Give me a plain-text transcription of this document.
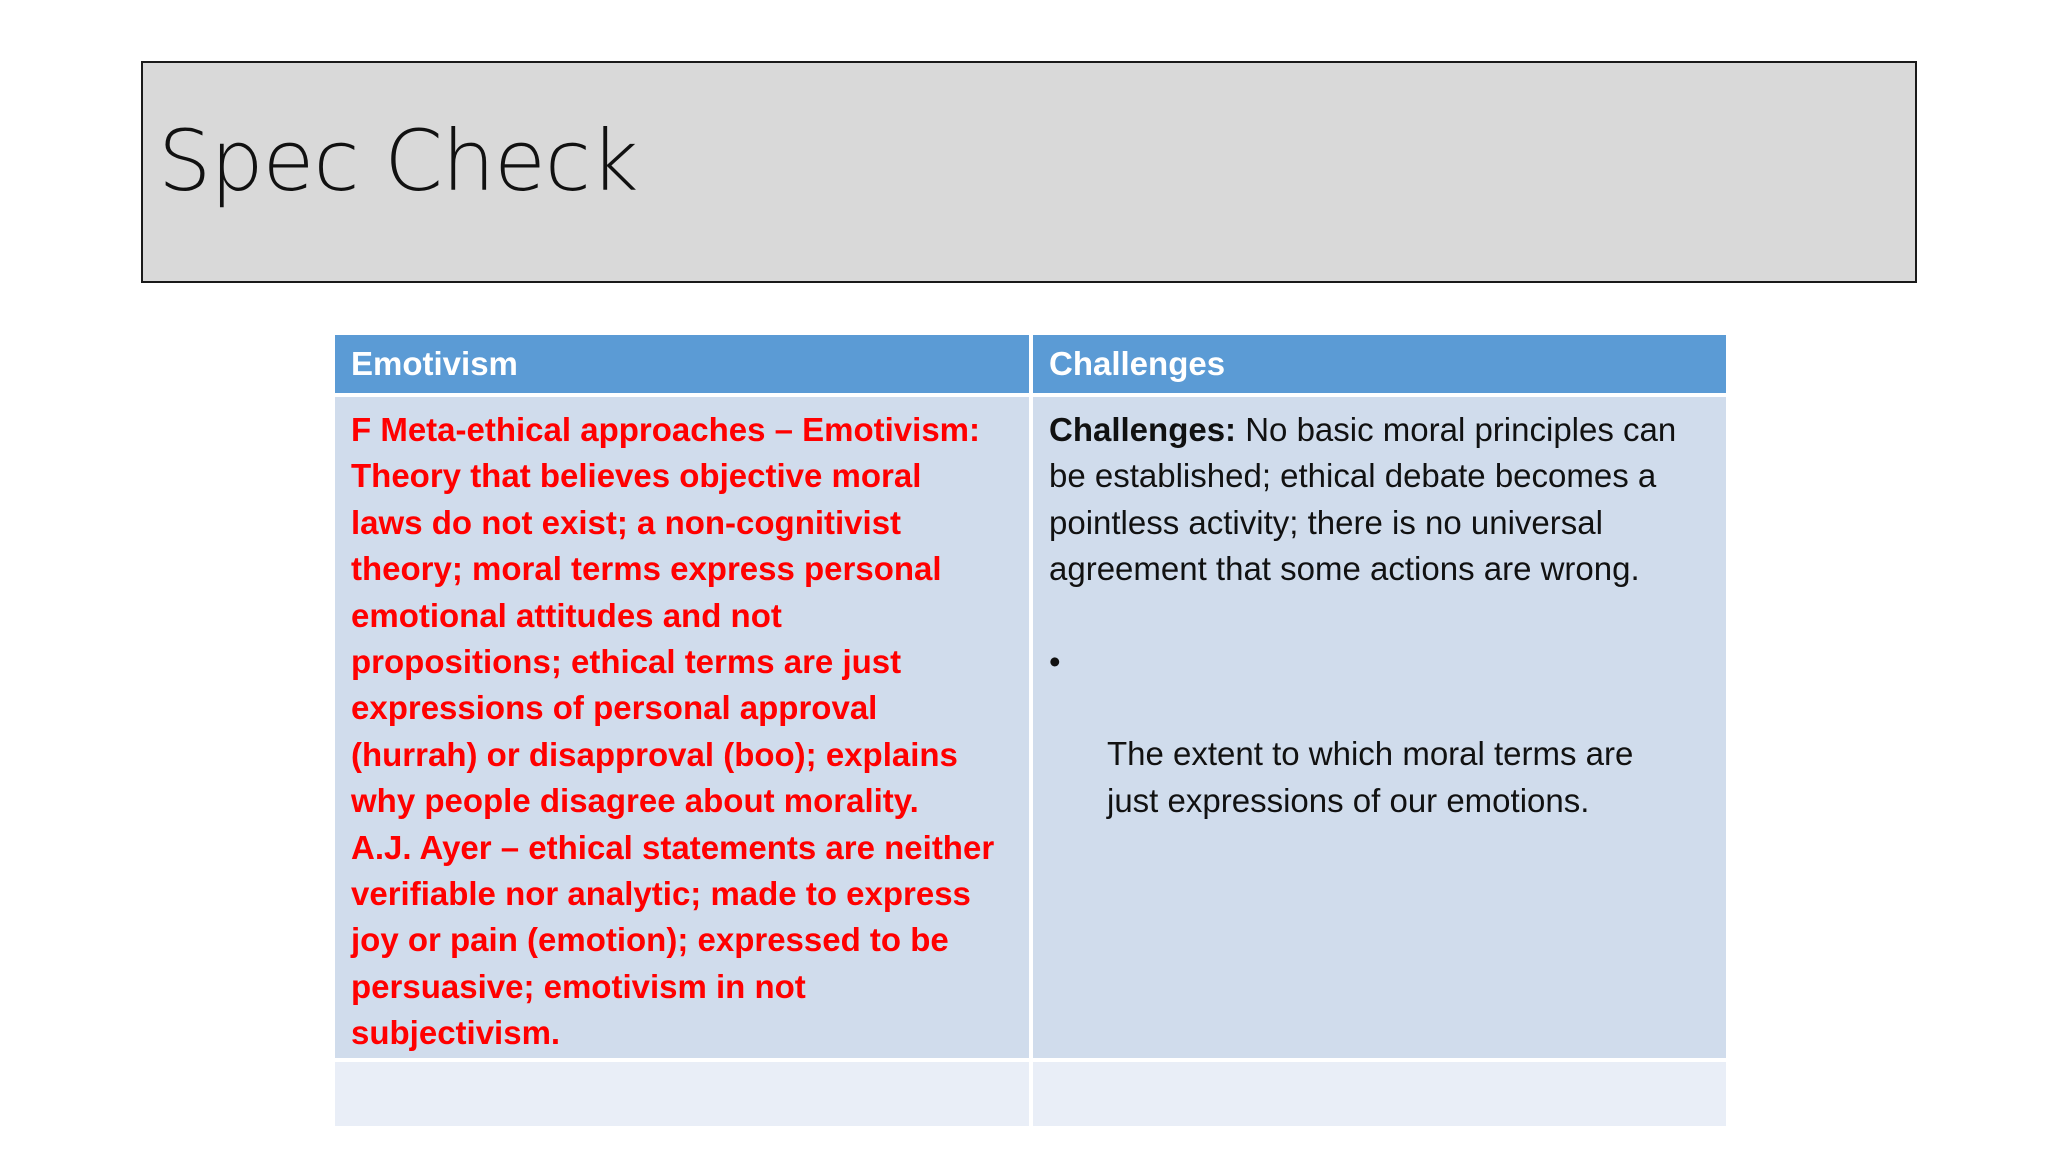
Spec Check
Emotivism	Challenges

F Meta-ethical approaches – Emotivism:
Theory that believes objective moral
laws do not exist; a non-cognitivist
theory; moral terms express personal
emotional attitudes and not
propositions; ethical terms are just
expressions of personal approval
(hurrah) or disapproval (boo); explains
why people disagree about morality.
A.J. Ayer – ethical statements are neither
verifiable nor analytic; made to express
joy or pain (emotion); expressed to be
persuasive; emotivism in not
subjectivism.

Challenges: No basic moral principles can
be established; ethical debate becomes a
pointless activity; there is no universal
agreement that some actions are wrong.

•

The extent to which moral terms are
just expressions of our emotions.
